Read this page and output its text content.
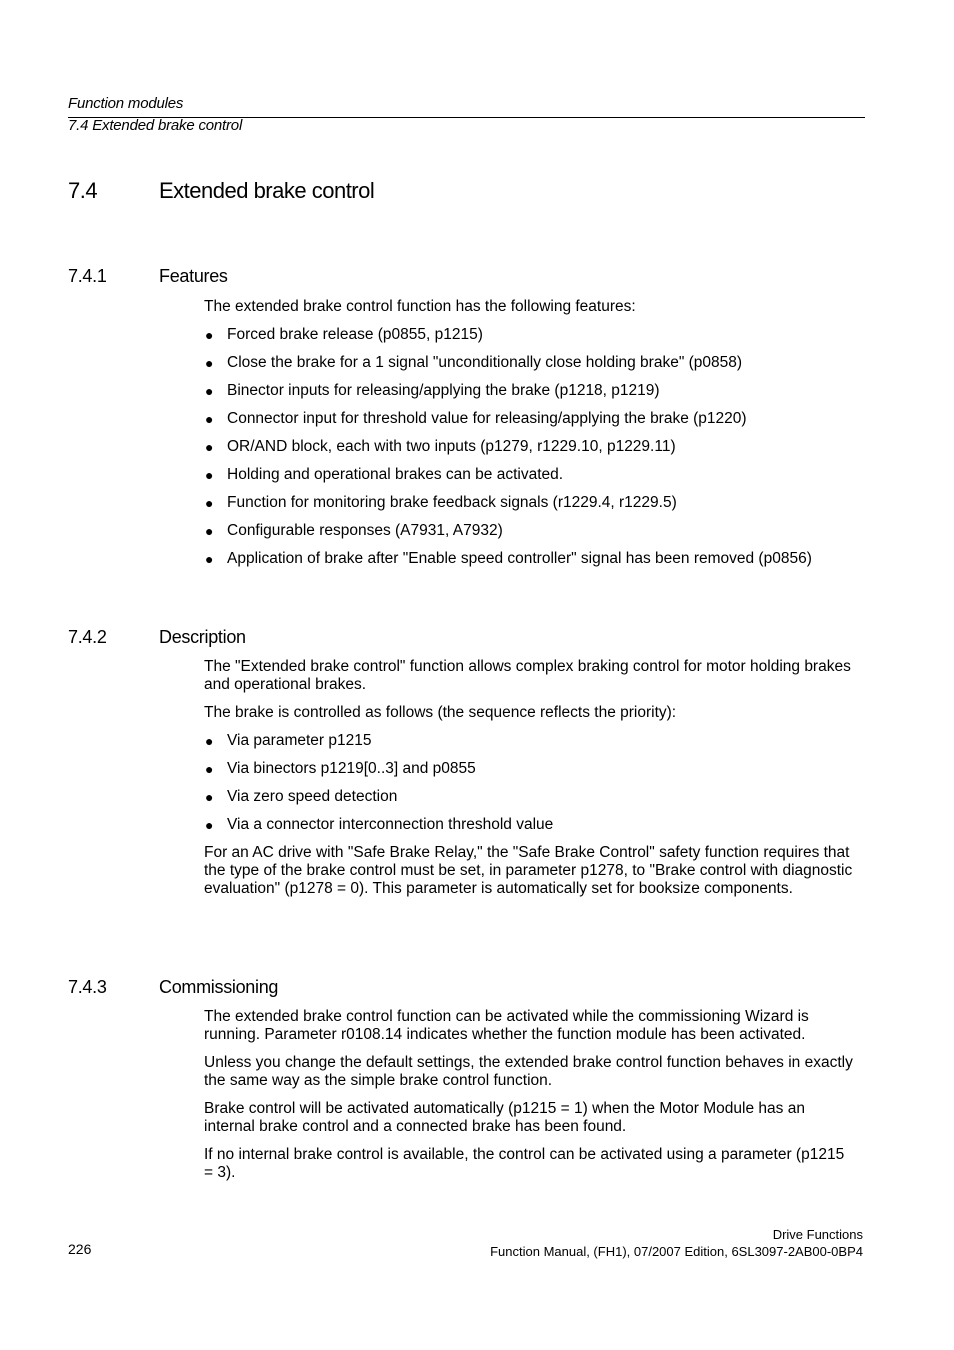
Function modules
7.4 Extended brake control
7.4	Extended brake control
7.4.1	Features

The extended brake control function has the following features:

● Forced brake release (p0855, p1215)
● Close the brake for a 1 signal "unconditionally close holding brake" (p0858)
● Binector inputs for releasing/applying the brake (p1218, p1219)
● Connector input for threshold value for releasing/applying the brake (p1220)
● OR/AND block, each with two inputs (p1279, r1229.10, p1229.11)
● Holding and operational brakes can be activated.
● Function for monitoring brake feedback signals (r1229.4, r1229.5)
● Configurable responses (A7931, A7932)
● Application of brake after "Enable speed controller" signal has been removed (p0856)
7.4.2	Description

The "Extended brake control" function allows complex braking control for motor holding brakes and operational brakes.

The brake is controlled as follows (the sequence reflects the priority):

● Via parameter p1215
● Via binectors p1219[0..3] and p0855
● Via zero speed detection
● Via a connector interconnection threshold value

For an AC drive with "Safe Brake Relay," the "Safe Brake Control" safety function requires that the type of the brake control must be set, in parameter p1278, to "Brake control with diagnostic evaluation" (p1278 = 0). This parameter is automatically set for booksize components.

7.4.3	Commissioning

The extended brake control function can be activated while the commissioning Wizard is running. Parameter r0108.14 indicates whether the function module has been activated.

Unless you change the default settings, the extended brake control function behaves in exactly the same way as the simple brake control function.

Brake control will be activated automatically (p1215 = 1) when the Motor Module has an internal brake control and a connected brake has been found.

If no internal brake control is available, the control can be activated using a parameter (p1215 = 3).

226
Drive Functions
Function Manual, (FH1), 07/2007 Edition, 6SL3097-2AB00-0BP4
